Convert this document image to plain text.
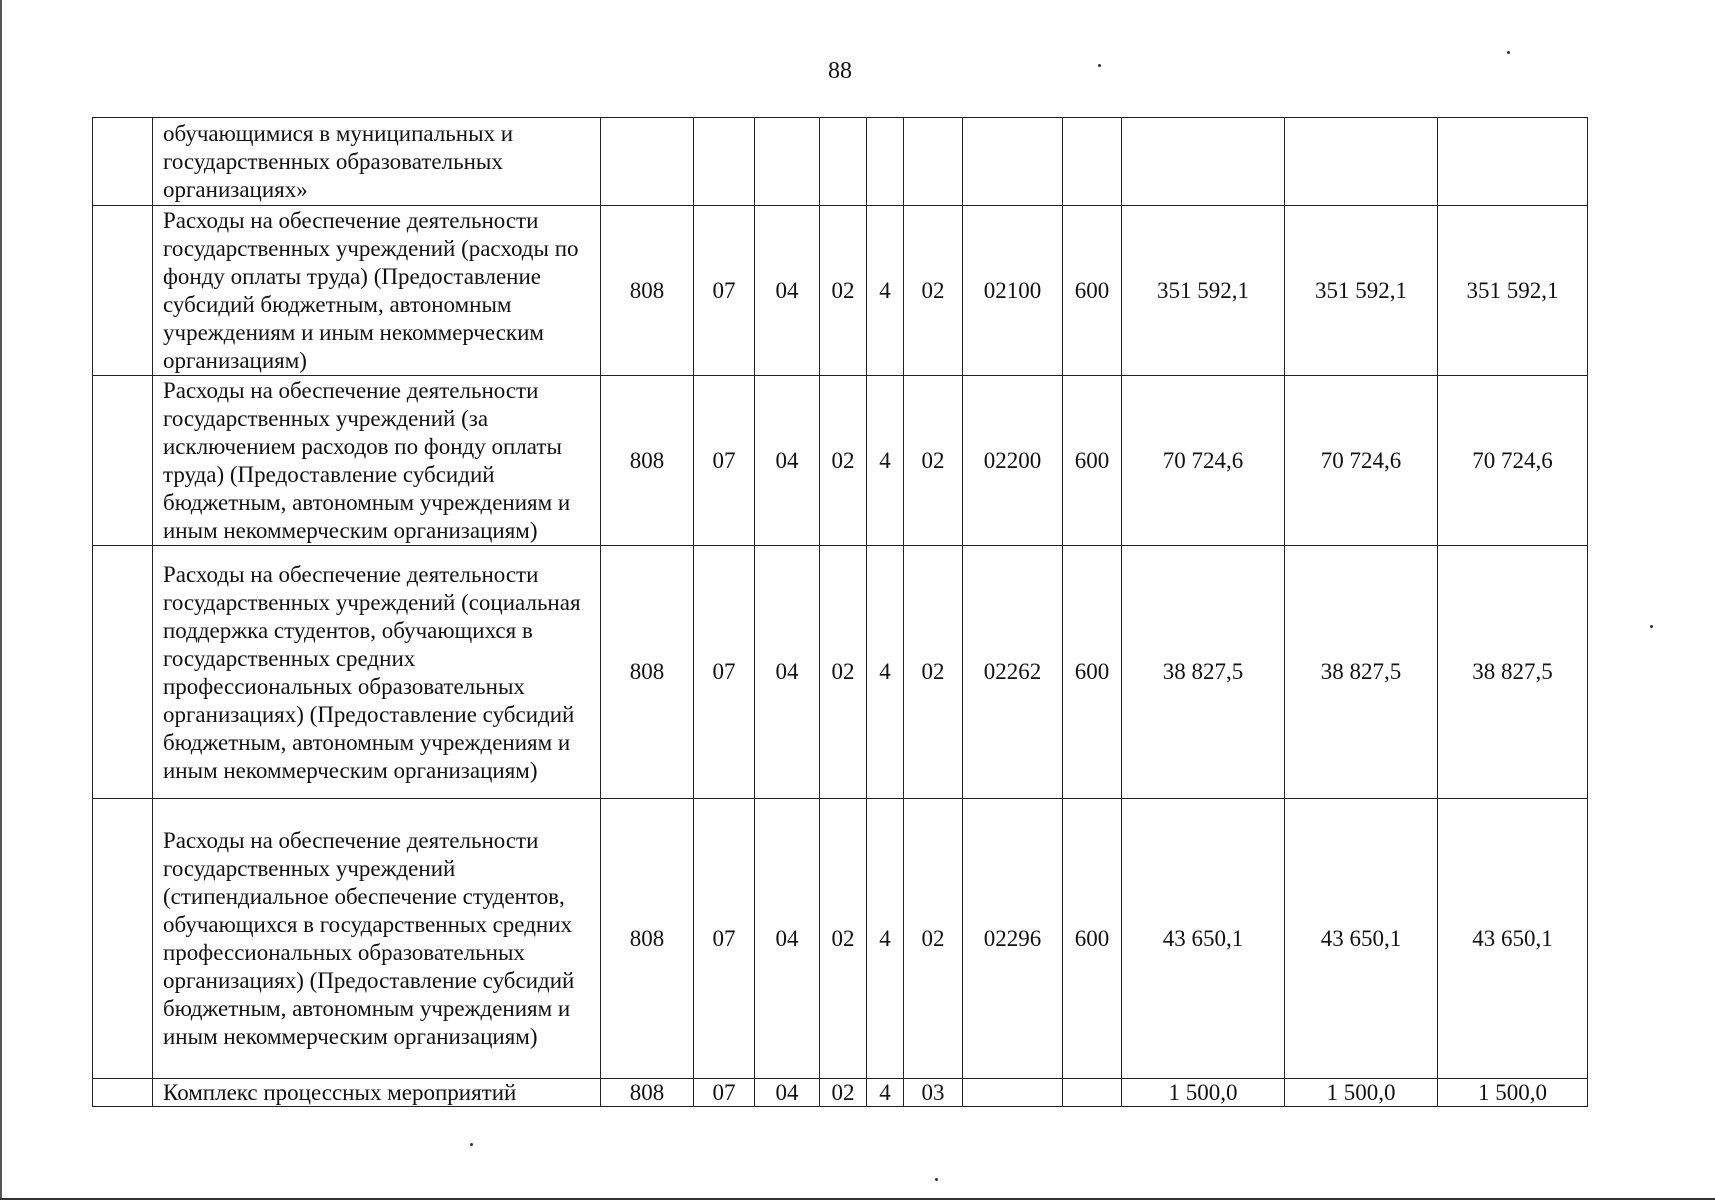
88
	обучающимися в муниципальных и государственных образовательных организациях»											
	Расходы на обеспечение деятельности государственных учреждений (расходы по фонду оплаты труда) (Предоставление субсидий бюджетным, автономным учреждениям и иным некоммерческим организациям)	808	07	04	02	4	02	02100	600	351 592,1	351 592,1	351 592,1
	Расходы на обеспечение деятельности государственных учреждений (за исключением расходов по фонду оплаты труда) (Предоставление субсидий бюджетным, автономным учреждениям и иным некоммерческим организациям)	808	07	04	02	4	02	02200	600	70 724,6	70 724,6	70 724,6
	Расходы на обеспечение деятельности государственных учреждений (социальная поддержка студентов, обучающихся в государственных средних профессиональных образовательных организациях) (Предоставление субсидий бюджетным, автономным учреждениям и иным некоммерческим организациям)	808	07	04	02	4	02	02262	600	38 827,5	38 827,5	38 827,5
	Расходы на обеспечение деятельности государственных учреждений (стипендиальное обеспечение студентов, обучающихся в государственных средних профессиональных образовательных организациях) (Предоставление субсидий бюджетным, автономным учреждениям и иным некоммерческим организациям)	808	07	04	02	4	02	02296	600	43 650,1	43 650,1	43 650,1
	Комплекс процессных мероприятий	808	07	04	02	4	03			1 500,0	1 500,0	1 500,0
